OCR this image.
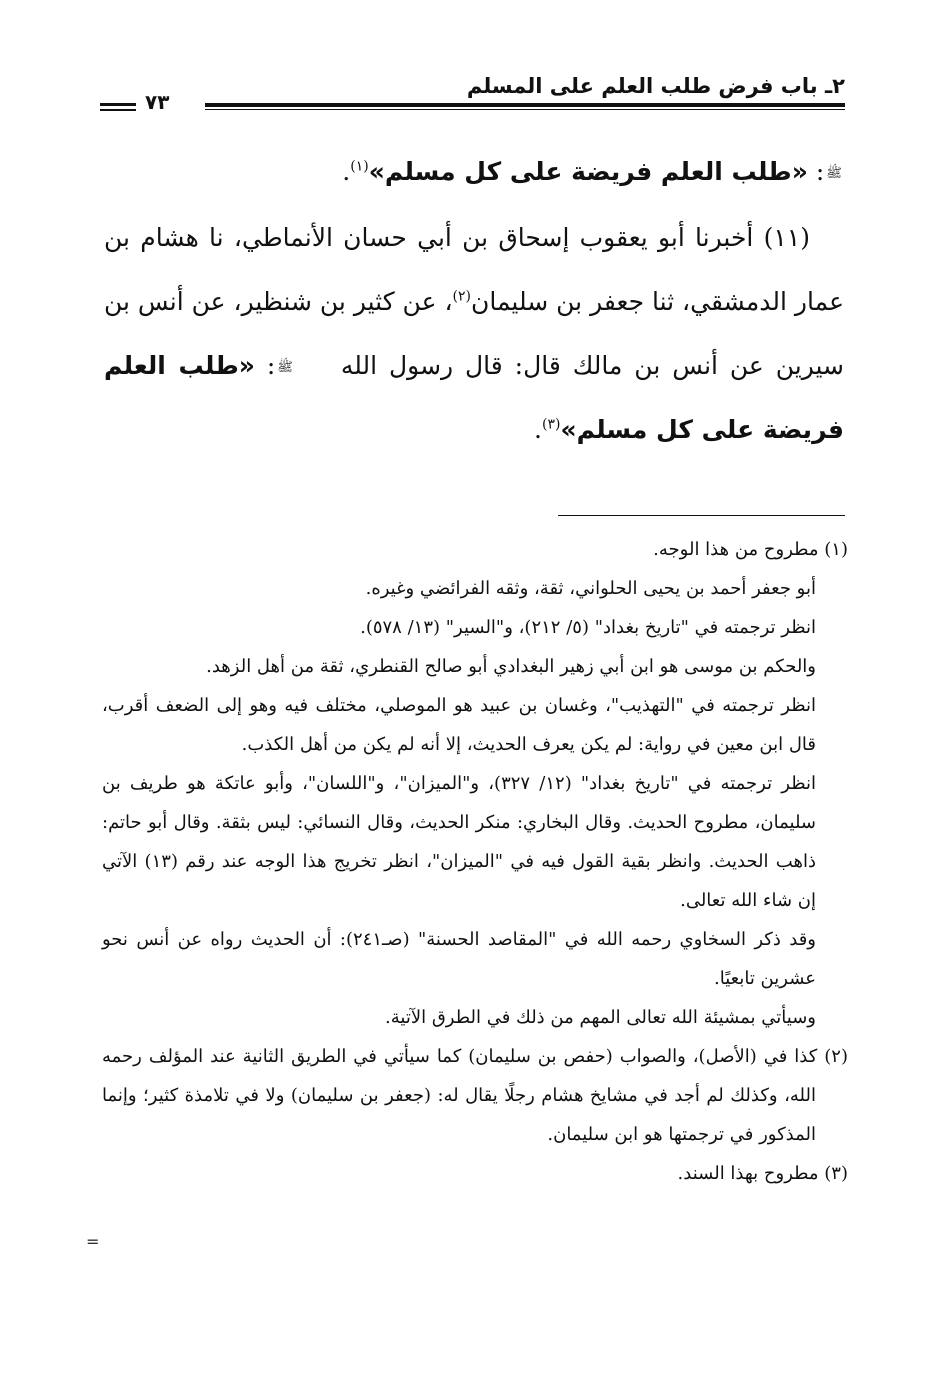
٢ـ باب فرض طلب العلم على المسلم
٧٣

ﷺ: «طلب العلم فريضة على كل مسلم»$^{(١)}$.

(١١) أخبرنا أبو يعقوب إسحاق بن أبي حسان الأنماطي، نا هشام بن عمار الدمشقي، ثنا جعفر بن سليمان$^{(٢)}$، عن كثير بن شنظير، عن أنس بن سيرين عن أنس بن مالك قال: قال رسول الله ﷺ: «طلب العلم فريضة على كل مسلم»$^{(٣)}$.

(١) مطروح من هذا الوجه.

أبو جعفر أحمد بن يحيى الحلواني، ثقة، وثقه الفرائضي وغيره.

انظر ترجمته في "تاريخ بغداد" (٥/ ٢١٢)، و"السير" (١٣/ ٥٧٨).

والحكم بن موسى هو ابن أبي زهير البغدادي أبو صالح القنطري، ثقة من أهل الزهد.

انظر ترجمته في "التهذيب"، وغسان بن عبيد هو الموصلي، مختلف فيه وهو إلى الضعف أقرب، قال ابن معين في رواية: لم يكن يعرف الحديث، إلا أنه لم يكن من أهل الكذب.

انظر ترجمته في "تاريخ بغداد" (١٢/ ٣٢٧)، و"الميزان"، و"اللسان"، وأبو عاتكة هو طريف بن سليمان، مطروح الحديث. وقال البخاري: منكر الحديث، وقال النسائي: ليس بثقة. وقال أبو حاتم: ذاهب الحديث. وانظر بقية القول فيه في "الميزان"، انظر تخريج هذا الوجه عند رقم (١٣) الآتي إن شاء الله تعالى.

وقد ذكر السخاوي رحمه الله في "المقاصد الحسنة" (صـ٢٤١): أن الحديث رواه عن أنس نحو عشرين تابعيًا.

وسيأتي بمشيئة الله تعالى المهم من ذلك في الطرق الآتية.

(٢) كذا في (الأصل)، والصواب (حفص بن سليمان) كما سيأتي في الطريق الثانية عند المؤلف رحمه الله، وكذلك لم أجد في مشايخ هشام رجلًا يقال له: (جعفر بن سليمان) ولا في تلامذة كثير؛ وإنما المذكور في ترجمتها هو ابن سليمان.

(٣) مطروح بهذا السند.

=
